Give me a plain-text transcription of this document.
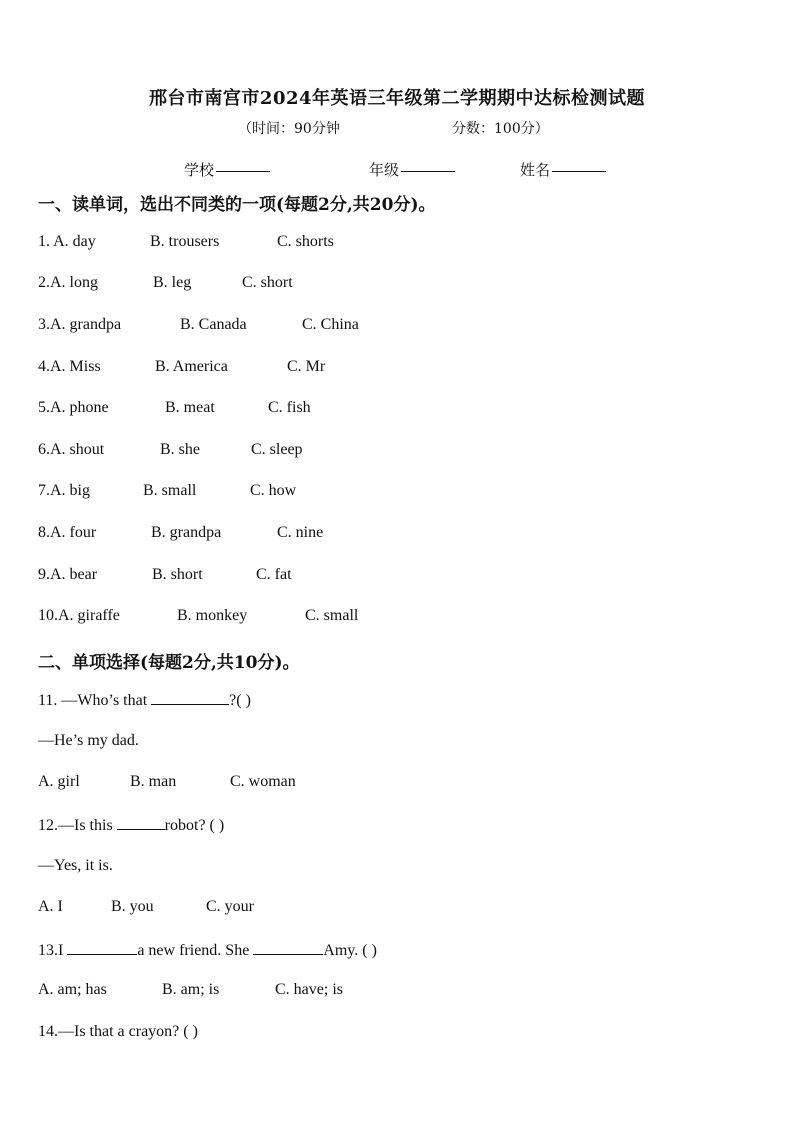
邢台市南宫市2024年英语三年级第二学期期中达标检测试题
（时间：90分钟	分数：100分）
学校	年级	姓名
一、读单词，选出不同类的一项(每题2分,共20分)。
1. A. day	B. trousers	C. shorts
2.A. long	B. leg	C. short
3.A. grandpa	B. Canada	C. China
4.A. Miss	B. America	C. Mr
5.A. phone	B. meat	C. fish
6.A. shout	B. she	C. sleep
7.A. big	B. small	C. how
8.A. four	B. grandpa	C. nine
9.A. bear	B. short	C. fat
10.A. giraffe	B. monkey	C. small
二、单项选择(每题2分,共10分)。
11. —Who’s that	?( )
—He’s my dad.
A. girl	B. man	C. woman
12.—Is this	robot? ( )
—Yes, it is.
A. I	B. you	C. your
13.I	a new friend. She	Amy. ( )
A. am; has	B. am; is	C. have; is
14.—Is that a crayon? ( )
